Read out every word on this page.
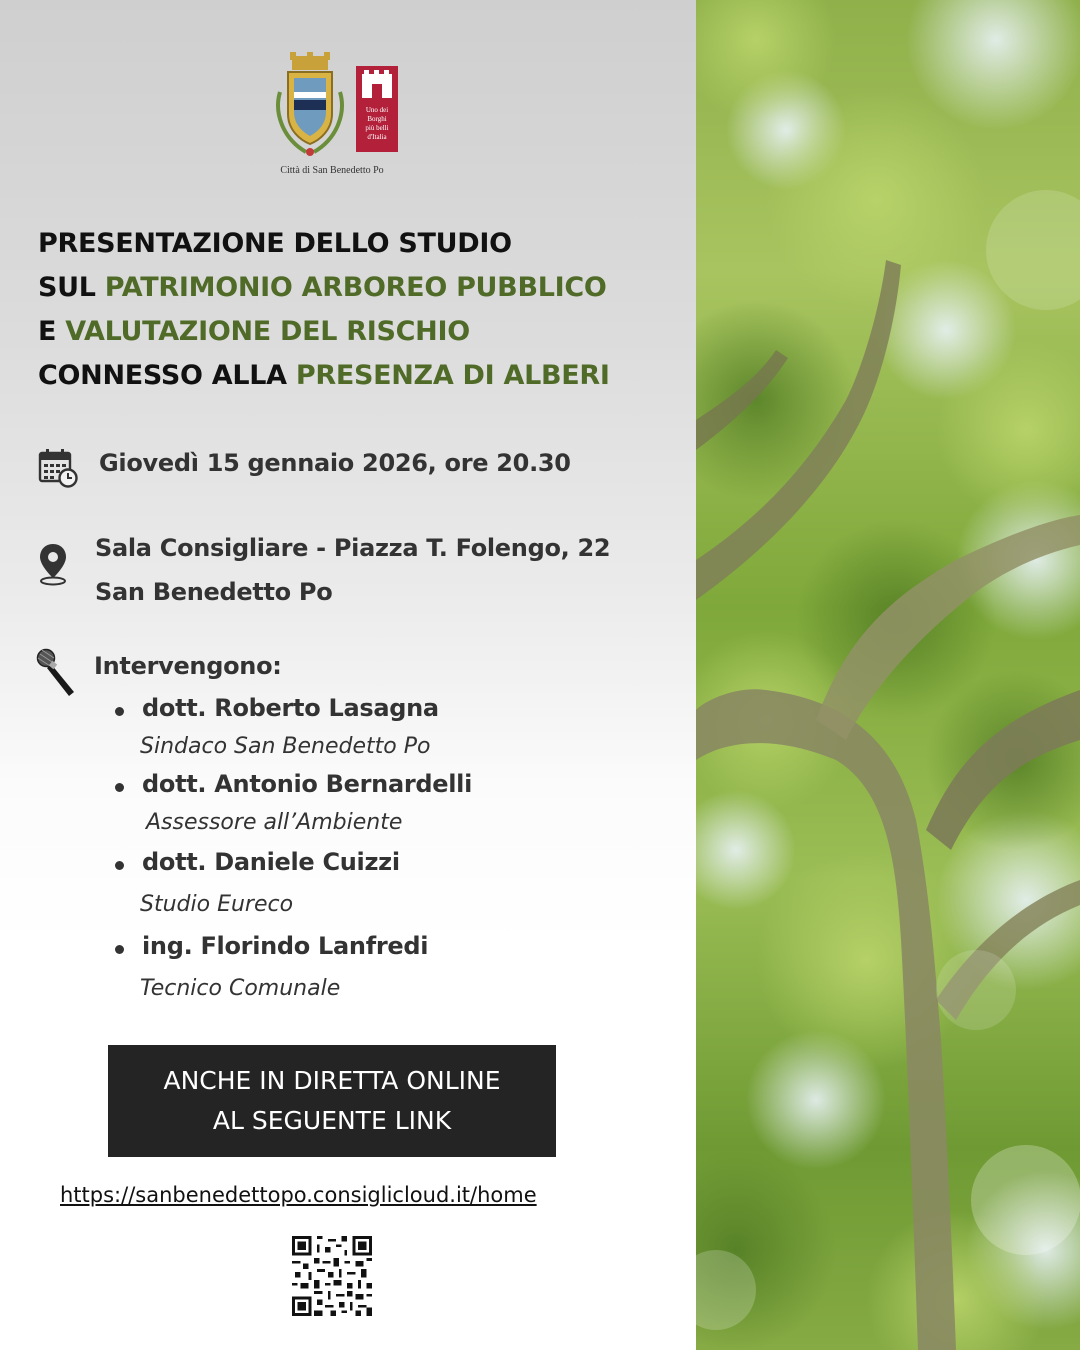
Uno dei
Borghi
più belli
d'Italia
Città di San Benedetto Po
PRESENTAZIONE DELLO STUDIO
SUL PATRIMONIO ARBOREO PUBBLICO
E VALUTAZIONE DEL RISCHIO
CONNESSO ALLA PRESENZA DI ALBERI
Giovedì 15 gennaio 2026, ore 20.30
Sala Consigliare - Piazza T. Folengo, 22
San Benedetto Po
Intervengono:
dott. Roberto Lasagna
Sindaco San Benedetto Po
dott. Antonio Bernardelli
Assessore all’Ambiente
dott. Daniele Cuizzi
Studio Eureco
ing. Florindo Lanfredi
Tecnico Comunale
ANCHE IN DIRETTA ONLINE
AL SEGUENTE LINK
https://sanbenedettopo.consiglicloud.it/home
